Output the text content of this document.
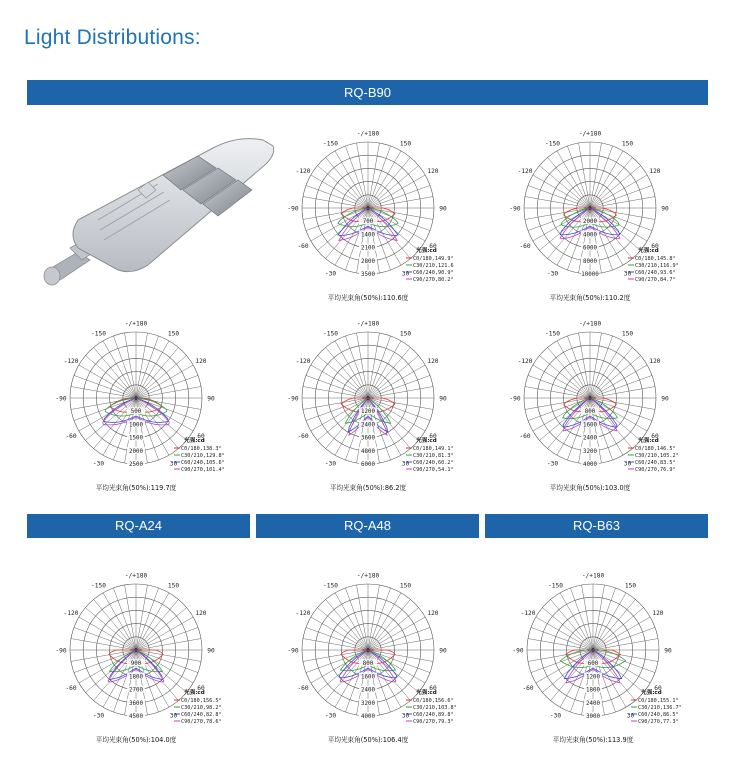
Light Distributions:
RQ-B90
RQ-A24	RQ-A48	RQ-B63
-/+180
150
-150
120
-120
90
-90
60
-60
30
-30
700
1400
2100
2800
3500
0
光强:cd
C0/180,149.9°
C30/210,121.6
C60/240,90.9°
C90/270,80.2°
平均光束角(50%):110.6度
-/+180
150
-150
120
-120
90
-90
60
-60
30
-30
2000
4000
6000
8000
10000
0
光强:cd
C0/180,145.8°
C30/210,116.9°
C60/240,93.6°
C90/270,84.7°
平均光束角(50%):110.2度
-/+180
150
-150
120
-120
90
-90
60
-60
30
-30
500
1000
1500
2000
2500
0
光强:cd
C0/180,138.3°
C30/210,129.8°
C60/240,105.6°
C90/270,101.4°
平均光束角(50%):119.7度
-/+180
150
-150
120
-120
90
-90
60
-60
30
-30
1200
2400
3600
4800
6000
0
光强:cd
C0/180,149.1°
C30/210,81.3°
C60/240,60.2°
C90/270,54.1°
平均光束角(50%):86.2度
-/+180
150
-150
120
-120
90
-90
60
-60
30
-30
800
1600
2400
3200
4000
0
光强:cd
C0/180,146.5°
C30/210,105.2°
C60/240,83.5°
C90/270,76.9°
平均光束角(50%):103.0度
-/+180
150
-150
120
-120
90
-90
60
-60
30
-30
900
1800
2700
3600
4500
0
光强:cd
C0/180,156.5°
C30/210,98.2°
C60/240,82.8°
C90/270,78.6°
平均光束角(50%):104.0度
-/+180
150
-150
120
-120
90
-90
60
-60
30
-30
800
1600
2400
3200
4000
0
光强:cd
C0/180,156.6°
C30/210,103.8°
C60/240,89.8°
C90/270,79.3°
平均光束角(50%):106.4度
-/+180
150
-150
120
-120
90
-90
60
-60
30
-30
600
1200
1800
2400
3000
0
光强:cd
C0/180,155.1°
C30/210,136.7°
C60/240,86.5°
C90/270,77.3°
平均光束角(50%):113.9度
